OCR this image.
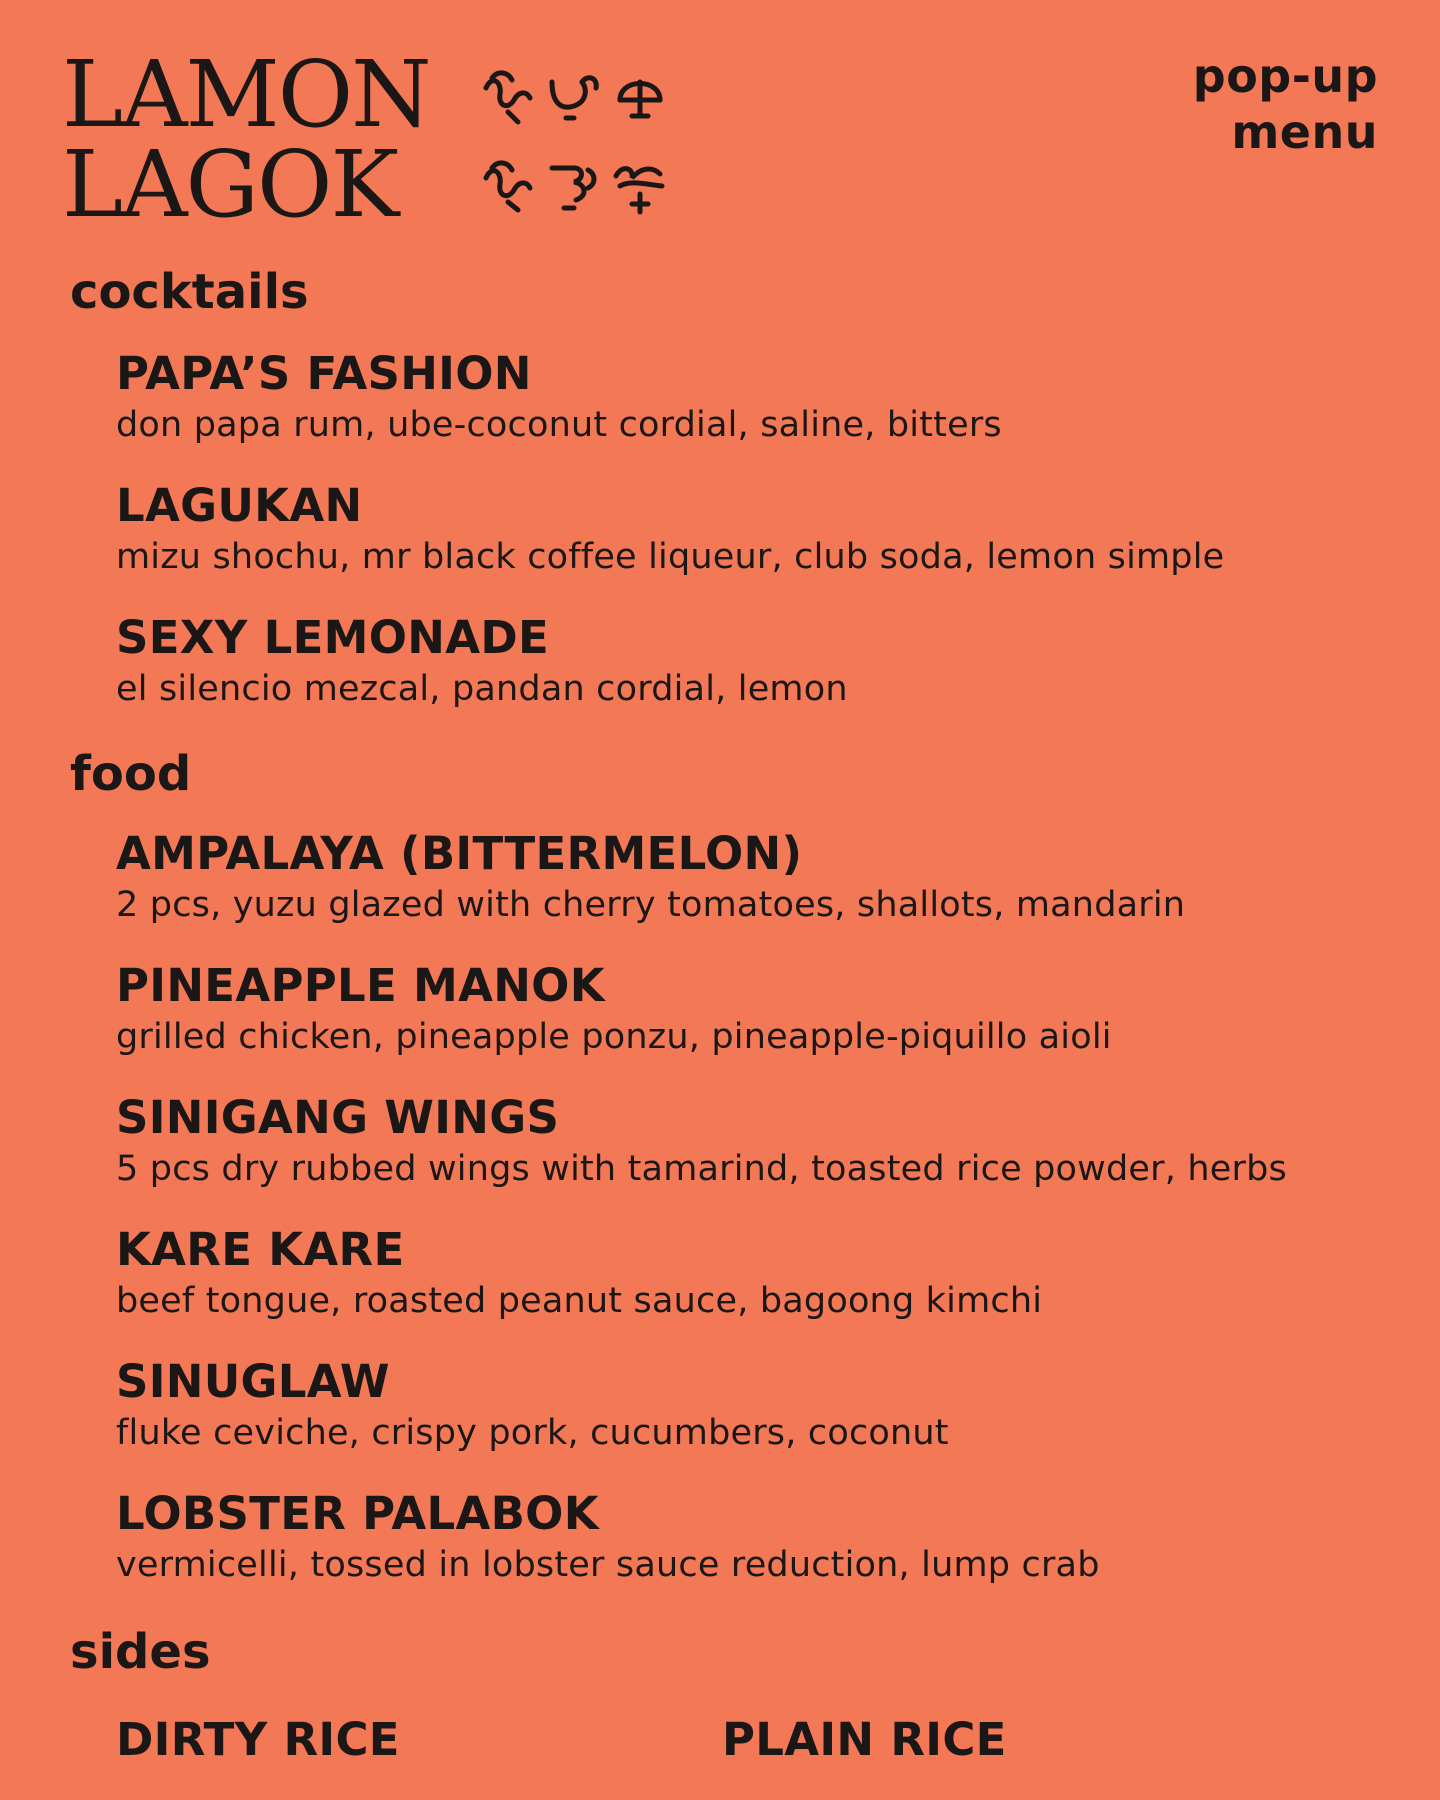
LAMON
LAGOK
pop-up
menu
cocktails
PAPA’S FASHION
don papa rum, ube-coconut cordial, saline, bitters
LAGUKAN
mizu shochu, mr black coffee liqueur, club soda, lemon simple
SEXY LEMONADE
el silencio mezcal, pandan cordial, lemon
food
AMPALAYA (BITTERMELON)
2 pcs, yuzu glazed with cherry tomatoes, shallots, mandarin
PINEAPPLE MANOK
grilled chicken, pineapple ponzu, pineapple-piquillo aioli
SINIGANG WINGS
5 pcs dry rubbed wings with tamarind, toasted rice powder, herbs
KARE KARE
beef tongue, roasted peanut sauce, bagoong kimchi
SINUGLAW
fluke ceviche, crispy pork, cucumbers, coconut
LOBSTER PALABOK
vermicelli, tossed in lobster sauce reduction, lump crab
sides
DIRTY RICE	PLAIN RICE
